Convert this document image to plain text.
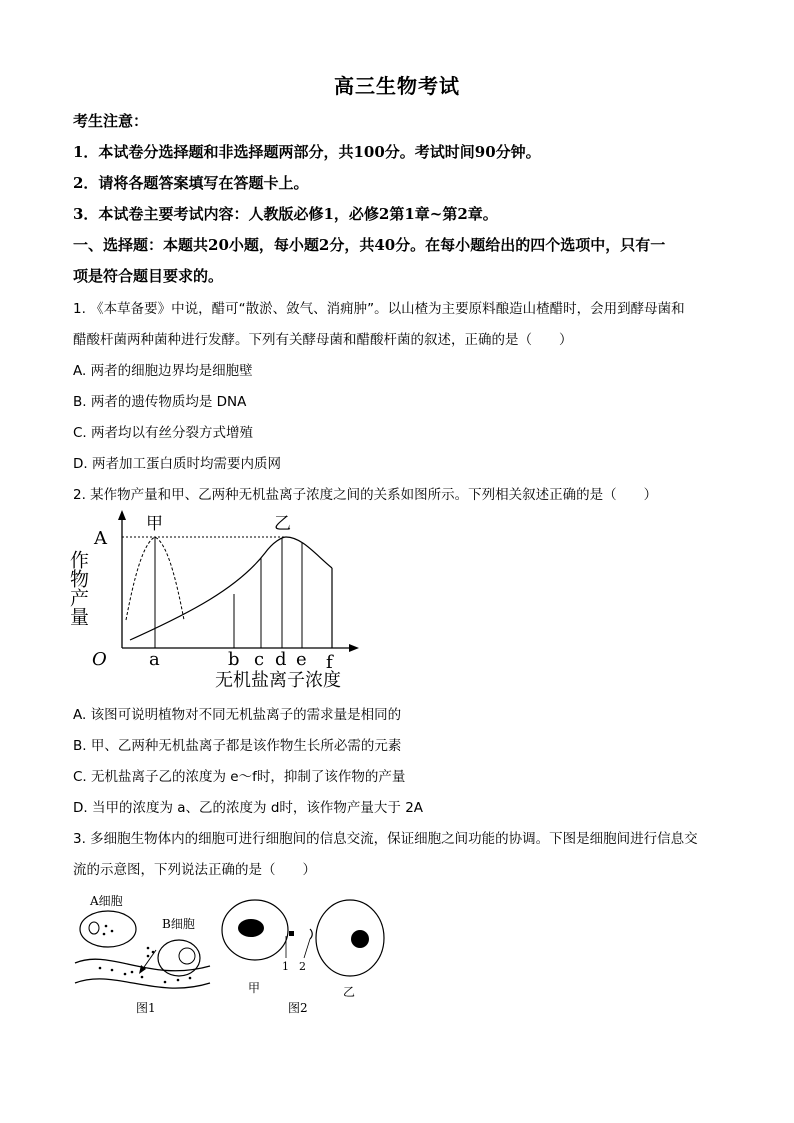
高三生物考试
考生注意：
1．本试卷分选择题和非选择题两部分，共100分。考试时间90分钟。
2．请将各题答案填写在答题卡上。
3．本试卷主要考试内容：人教版必修1，必修2第1章~第2章。
一、选择题：本题共20小题，每小题2分，共40分。在每小题给出的四个选项中，只有一
项是符合题目要求的。
1. 《本草备要》中说，醋可“散淤、敛气、消痈肿”。以山楂为主要原料酿造山楂醋时，会用到酵母菌和
醋酸杆菌两种菌种进行发酵。下列有关酵母菌和醋酸杆菌的叙述，正确的是（　　）
A. 两者的细胞边界均是细胞壁
B. 两者的遗传物质均是 DNA
C. 两者均以有丝分裂方式增殖
D. 两者加工蛋白质时均需要内质网
2. 某作物产量和甲、乙两种无机盐离子浓度之间的关系如图所示。下列相关叙述正确的是（　　）
A
O
甲	乙
作物产量
a	b c d e f
无机盐离子浓度
A. 该图可说明植物对不同无机盐离子的需求量是相同的
B. 甲、乙两种无机盐离子都是该作物生长所必需的元素
C. 无机盐离子乙的浓度为 e～f时，抑制了该作物的产量
D. 当甲的浓度为 a、乙的浓度为 d时，该作物产量大于 2A
3. 多细胞生物体内的细胞可进行细胞间的信息交流，保证细胞之间功能的协调。下图是细胞间进行信息交
流的示意图，下列说法正确的是（　　）
A细胞
B细胞
图1
1 2
甲
图2
乙
